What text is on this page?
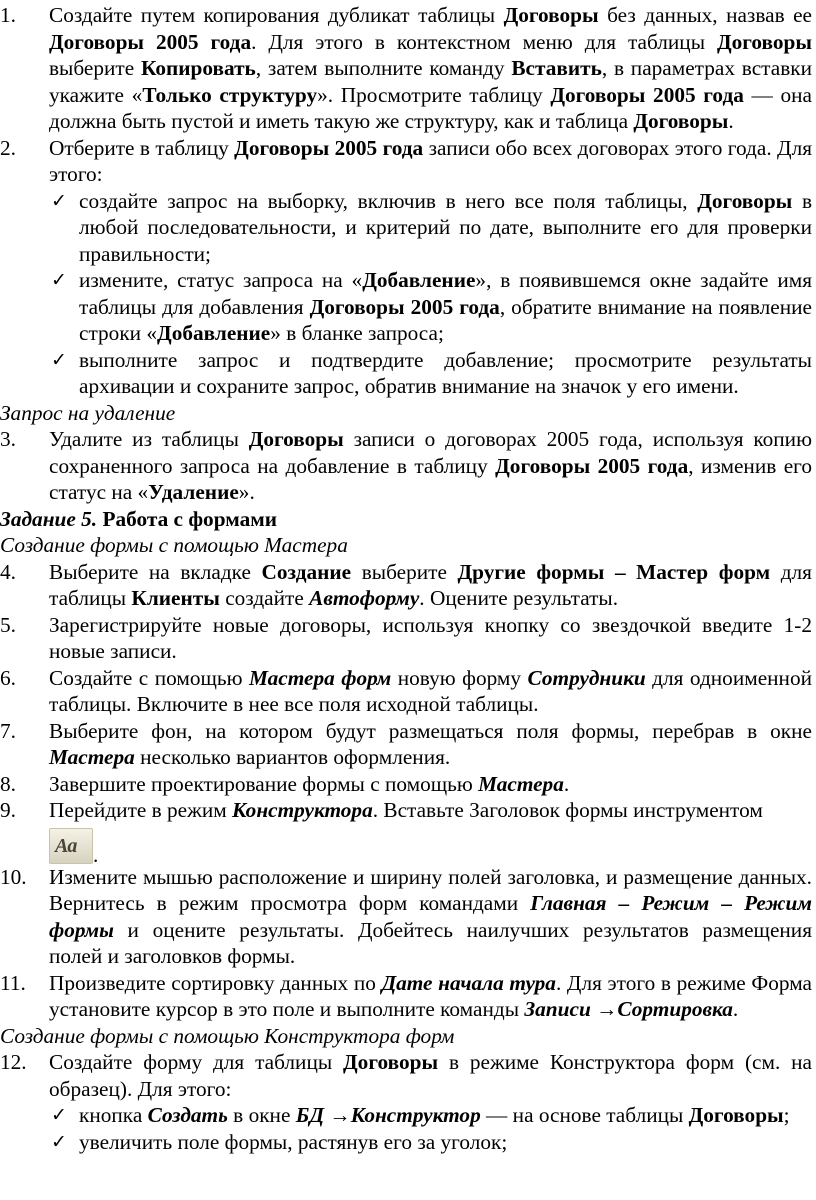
1. Создайте путем копирования дубликат таблицы Договоры без данных, назвав ее Договоры 2005 года. Для этого в контекстном меню для таблицы Договоры выберите Копировать, затем выполните команду Вставить, в параметрах вставки укажите «Только структуру». Просмотрите таблицу Договоры 2005 года — она должна быть пустой и иметь такую же структуру, как и таблица Договоры.
2. Отберите в таблицу Договоры 2005 года записи обо всех договорах этого года. Для этого:
✓ создайте запрос на выборку, включив в него все поля таблицы, Договоры в любой последовательности, и критерий по дате, выполните его для проверки правильности;
✓ измените, статус запроса на «Добавление», в появившемся окне задайте имя таблицы для добавления Договоры 2005 года, обратите внимание на появление строки «Добавление» в бланке запроса;
✓ выполните запрос и подтвердите добавление; просмотрите результаты архивации и сохраните запрос, обратив внимание на значок у его имени.
Запрос на удаление
3. Удалите из таблицы Договоры записи о договорах 2005 года, используя копию сохраненного запроса на добавление в таблицу Договоры 2005 года, изменив его статус на «Удаление».
Задание 5. Работа с формами
Создание формы с помощью Мастера
4. Выберите на вкладке Создание выберите Другие формы – Мастер форм для таблицы Клиенты создайте Автоформу. Оцените результаты.
5. Зарегистрируйте новые договоры, используя кнопку со звездочкой введите 1-2 новые записи.
6. Создайте с помощью Мастера форм новую форму Сотрудники для одноименной таблицы. Включите в нее все поля исходной таблицы.
7. Выберите фон, на котором будут размещаться поля формы, перебрав в окне Мастера несколько вариантов оформления.
8. Завершите проектирование формы с помощью Мастера.
9. Перейдите в режим Конструктора. Вставьте Заголовок формы инструментом
Aa .
10. Измените мышью расположение и ширину полей заголовка, и размещение данных. Вернитесь в режим просмотра форм командами Главная – Режим – Режим формы и оцените результаты. Добейтесь наилучших результатов размещения полей и заголовков формы.
11. Произведите сортировку данных по Дате начала тура. Для этого в режиме Форма установите курсор в это поле и выполните команды Записи →Сортировка.
Создание формы с помощью Конструктора форм
12. Создайте форму для таблицы Договоры в режиме Конструктора форм (см. на образец). Для этого:
✓ кнопка Создать в окне БД →Конструктор — на основе таблицы Договоры;
✓ увеличить поле формы, растянув его за уголок;
